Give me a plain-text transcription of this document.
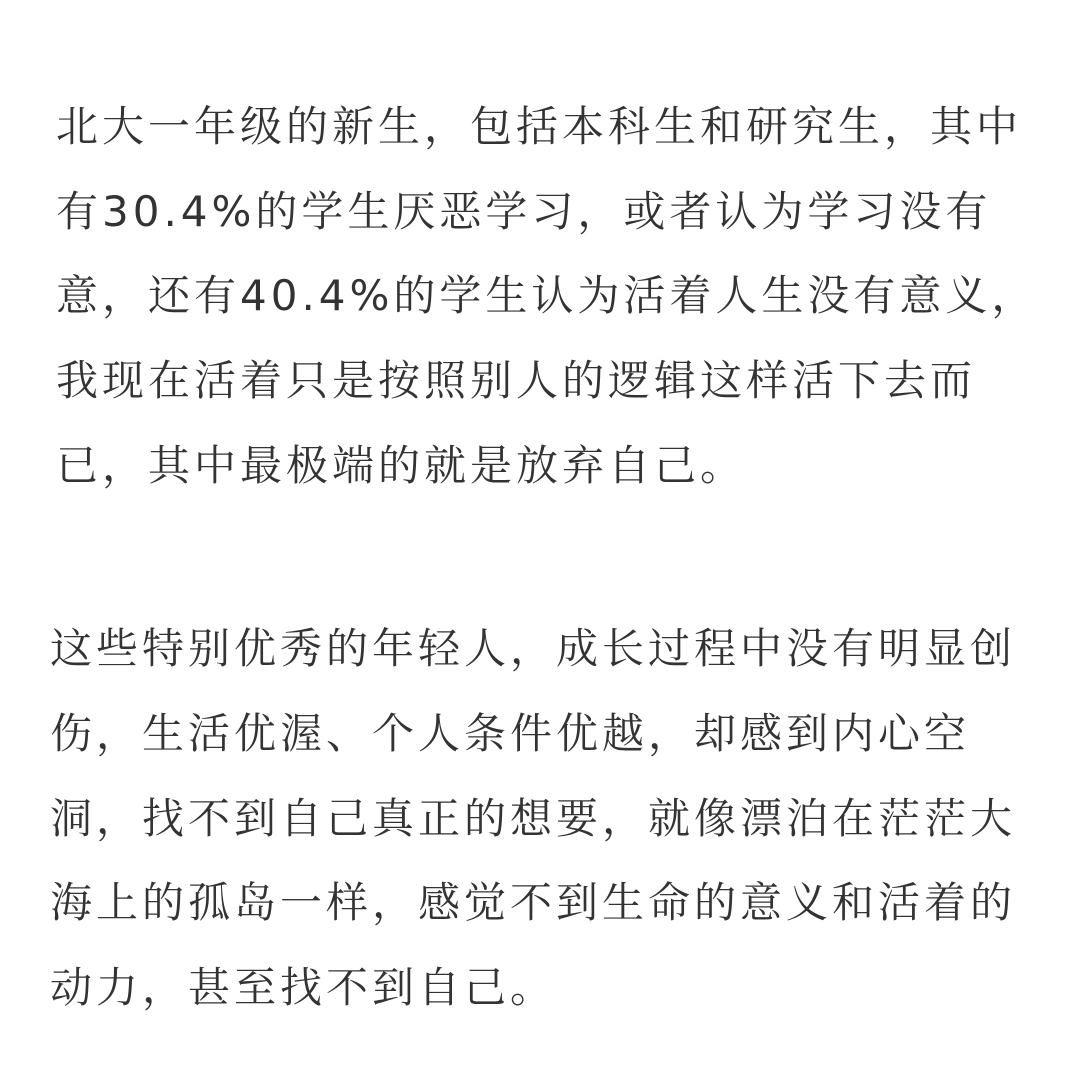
北大一年级的新生，包括本科生和研究生，其中
有30.4%的学生厌恶学习，或者认为学习没有
意，还有40.4%的学生认为活着人生没有意义，
我现在活着只是按照别人的逻辑这样活下去而
已，其中最极端的就是放弃自己。
这些特别优秀的年轻人，成长过程中没有明显创
伤，生活优渥、个人条件优越，却感到内心空
洞，找不到自己真正的想要，就像漂泊在茫茫大
海上的孤岛一样，感觉不到生命的意义和活着的
动力，甚至找不到自己。
